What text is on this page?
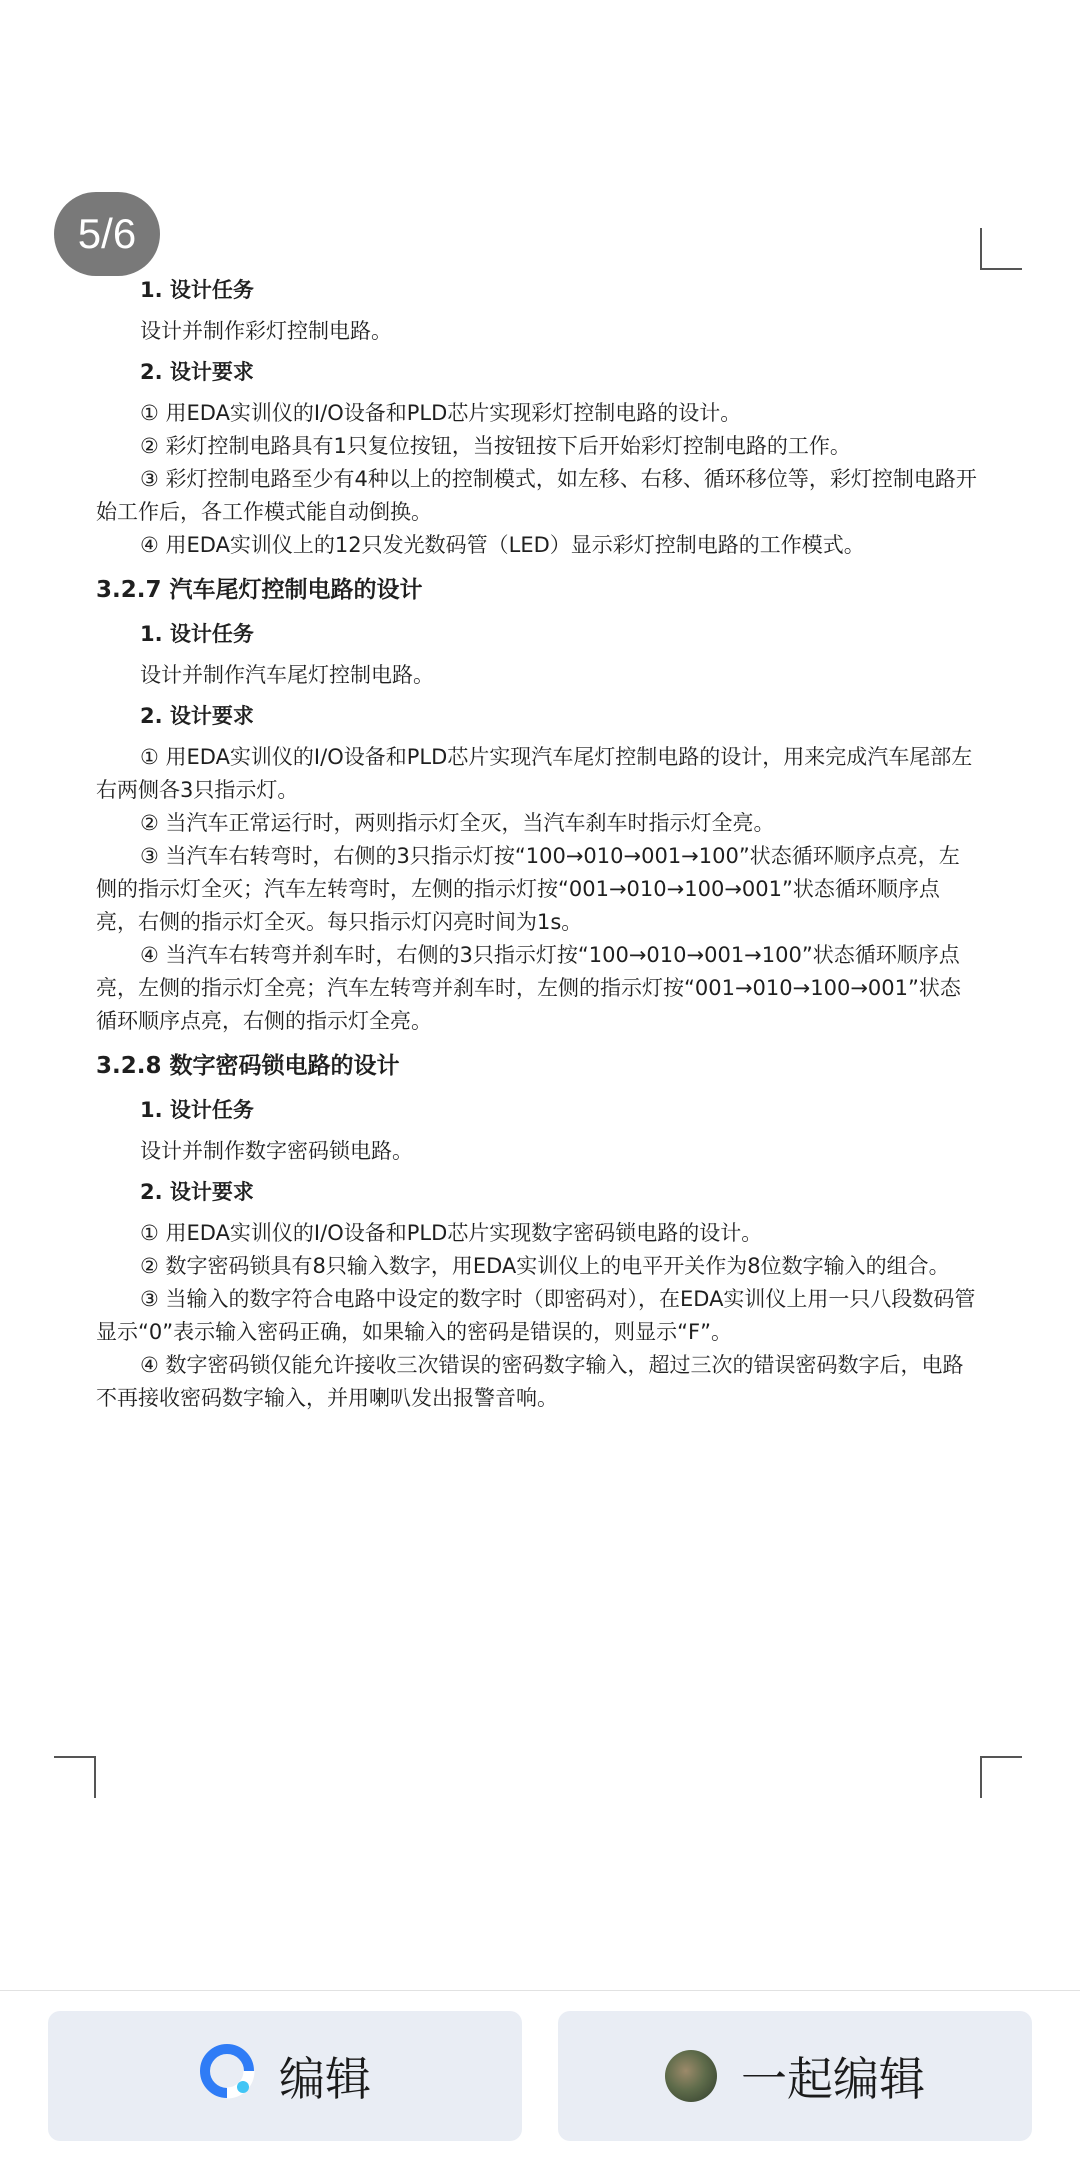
5/6
1. 设计任务
设计并制作彩灯控制电路。
2. 设计要求
① 用EDA实训仪的I/O设备和PLD芯片实现彩灯控制电路的设计。
② 彩灯控制电路具有1只复位按钮，当按钮按下后开始彩灯控制电路的工作。
③ 彩灯控制电路至少有4种以上的控制模式，如左移、右移、循环移位等，彩灯控制电路开始工作后，各工作模式能自动倒换。
④ 用EDA实训仪上的12只发光数码管（LED）显示彩灯控制电路的工作模式。
3.2.7 汽车尾灯控制电路的设计
1. 设计任务
设计并制作汽车尾灯控制电路。
2. 设计要求
① 用EDA实训仪的I/O设备和PLD芯片实现汽车尾灯控制电路的设计，用来完成汽车尾部左右两侧各3只指示灯。
② 当汽车正常运行时，两则指示灯全灭，当汽车刹车时指示灯全亮。
③ 当汽车右转弯时，右侧的3只指示灯按“100→010→001→100”状态循环顺序点亮，左侧的指示灯全灭；汽车左转弯时，左侧的指示灯按“001→010→100→001”状态循环顺序点亮，右侧的指示灯全灭。每只指示灯闪亮时间为1s。
④ 当汽车右转弯并刹车时，右侧的3只指示灯按“100→010→001→100”状态循环顺序点亮，左侧的指示灯全亮；汽车左转弯并刹车时，左侧的指示灯按“001→010→100→001”状态循环顺序点亮，右侧的指示灯全亮。
3.2.8 数字密码锁电路的设计
1. 设计任务
设计并制作数字密码锁电路。
2. 设计要求
① 用EDA实训仪的I/O设备和PLD芯片实现数字密码锁电路的设计。
② 数字密码锁具有8只输入数字，用EDA实训仪上的电平开关作为8位数字输入的组合。
③ 当输入的数字符合电路中设定的数字时（即密码对），在EDA实训仪上用一只八段数码管显示“0”表示输入密码正确，如果输入的密码是错误的，则显示“F”。
④ 数字密码锁仅能允许接收三次错误的密码数字输入，超过三次的错误密码数字后，电路不再接收密码数字输入，并用喇叭发出报警音响。
编辑	一起编辑
